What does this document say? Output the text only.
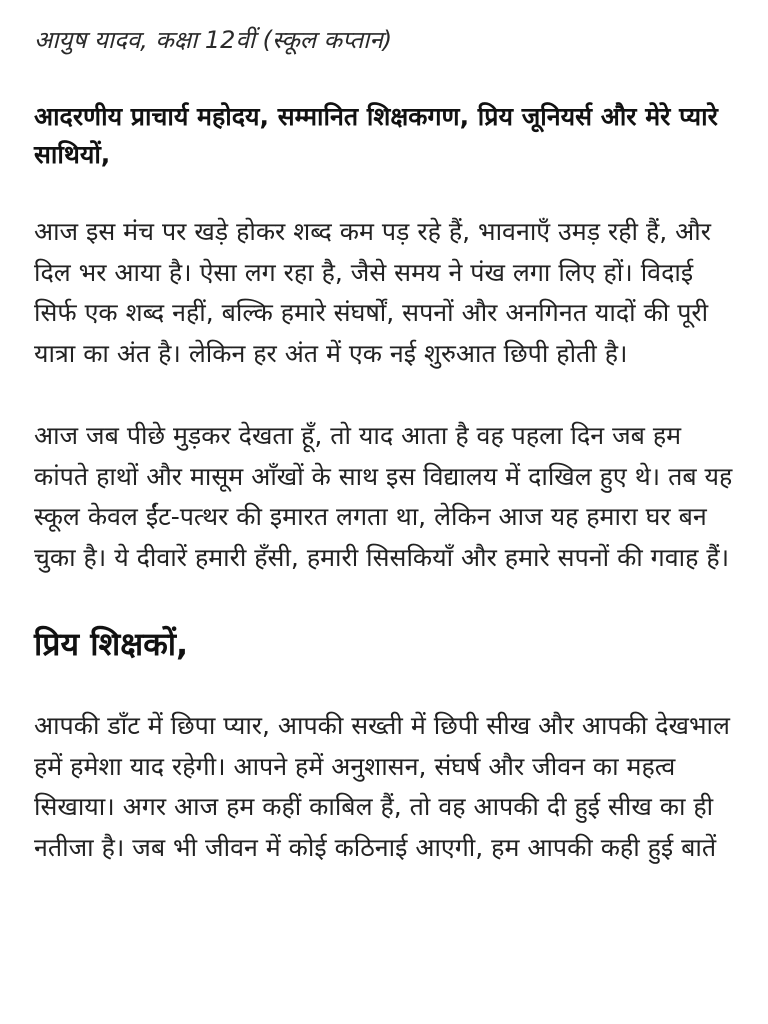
आयुष यादव, कक्षा 12वीं (स्कूल कप्तान)

आदरणीय प्राचार्य महोदय, सम्मानित शिक्षकगण, प्रिय जूनियर्स और मेरे प्यारे साथियों,

आज इस मंच पर खड़े होकर शब्द कम पड़ रहे हैं, भावनाएँ उमड़ रही हैं, और दिल भर आया है। ऐसा लग रहा है, जैसे समय ने पंख लगा लिए हों। विदाई सिर्फ एक शब्द नहीं, बल्कि हमारे संघर्षों, सपनों और अनगिनत यादों की पूरी यात्रा का अंत है। लेकिन हर अंत में एक नई शुरुआत छिपी होती है।

आज जब पीछे मुड़कर देखता हूँ, तो याद आता है वह पहला दिन जब हम कांपते हाथों और मासूम आँखों के साथ इस विद्यालय में दाखिल हुए थे। तब यह स्कूल केवल ईंट-पत्थर की इमारत लगता था, लेकिन आज यह हमारा घर बन चुका है। ये दीवारें हमारी हँसी, हमारी सिसकियाँ और हमारे सपनों की गवाह हैं।

प्रिय शिक्षकों,

आपकी डाँट में छिपा प्यार, आपकी सख्ती में छिपी सीख और आपकी देखभाल हमें हमेशा याद रहेगी। आपने हमें अनुशासन, संघर्ष और जीवन का महत्व सिखाया। अगर आज हम कहीं काबिल हैं, तो वह आपकी दी हुई सीख का ही नतीजा है। जब भी जीवन में कोई कठिनाई आएगी, हम आपकी कही हुई बातें
